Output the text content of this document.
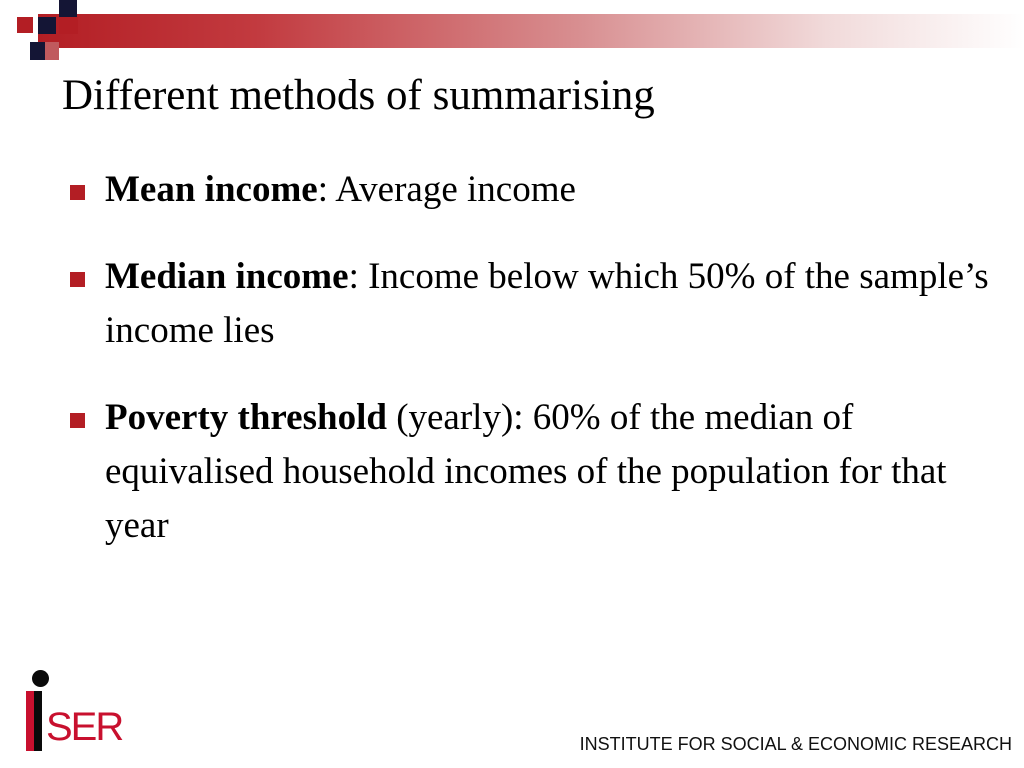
Different methods of summarising
Mean income: Average income
Median income: Income below which 50% of the sample’s income lies
Poverty threshold (yearly): 60% of the median of equivalised household incomes of the population for that year
SER	INSTITUTE FOR SOCIAL & ECONOMIC RESEARCH
